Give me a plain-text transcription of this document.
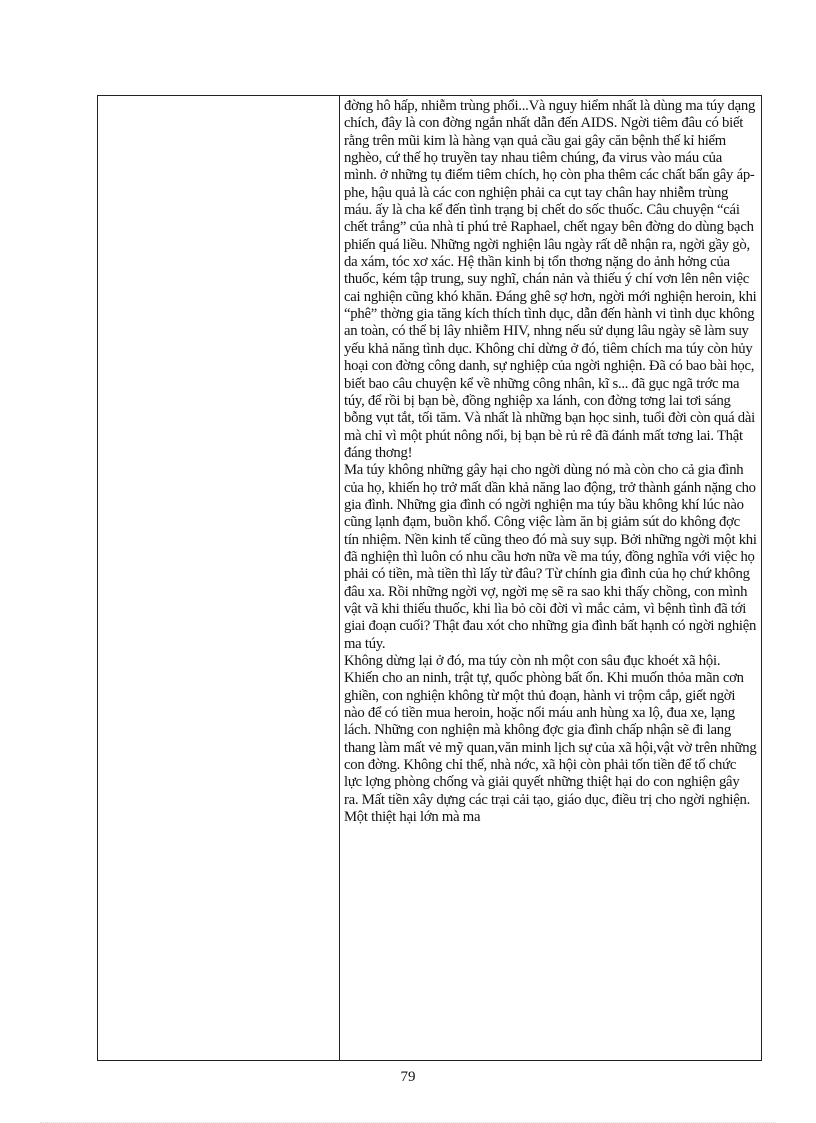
đờng hô hấp, nhiễm trùng phổi...Và nguy hiểm nhất là dùng ma túy dạng chích, đây là con đờng ngắn nhất dẫn đến AIDS. Ngời tiêm đâu có biết rằng trên mũi kim là hàng vạn quả cầu gai gây căn bệnh thế kỉ hiểm nghèo, cứ thế họ truyền tay nhau tiêm chúng, đa virus vào máu của mình. ở những tụ điểm tiêm chích, họ còn pha thêm các chất bẩn gây áp-phe, hậu quả là các con nghiện phải ca cụt tay chân hay nhiễm trùng máu. ấy là cha kể đến tình trạng bị chết do sốc thuốc. Câu chuyện “cái chết trắng” của nhà tỉ phú trẻ Raphael, chết ngay bên đờng do dùng bạch phiến quá liều. Những ngời nghiện lâu ngày rất dễ nhận ra, ngời gầy gò, da xám, tóc xơ xác. Hệ thần kinh bị tổn thơng nặng do ảnh hởng của thuốc, kém tập trung, suy nghĩ, chán nản và thiếu ý chí vơn lên nên việc cai nghiện cũng khó khăn. Đáng ghê sợ hơn, ngời mới nghiện heroin, khi “phê” thờng gia tăng kích thích tình dục, dẫn đến hành vi tình dục không an toàn, có thể bị lây nhiễm HIV, nhng nếu sử dụng lâu ngày sẽ làm suy yếu khả năng tình dục. Không chỉ dừng ở đó, tiêm chích ma túy còn hủy hoại con đờng công danh, sự nghiệp của ngời nghiện. Đã có bao bài học, biết bao câu chuyện kể về những công nhân, kĩ s... đã gục ngã trớc ma túy, để rồi bị bạn bè, đồng nghiệp xa lánh, con đờng tơng lai tơi sáng bỗng vụt tắt, tối tăm. Và nhất là những bạn học sinh, tuổi đời còn quá dài mà chỉ vì một phút nông nổi, bị bạn bè rủ rê đã đánh mất tơng lai. Thật đáng thơng!

Ma túy không những gây hại cho ngời dùng nó mà còn cho cả gia đình của họ, khiến họ trở mất dần khả năng lao động, trở thành gánh nặng cho gia đình. Những gia đình có ngời nghiện ma túy bầu không khí lúc nào cũng lạnh đạm, buồn khổ. Công việc làm ăn bị giảm sút do không đợc tín nhiệm. Nền kinh tế cũng theo đó mà suy sụp. Bởi những ngời một khi đã nghiện thì luôn có nhu cầu hơn nữa về ma túy, đồng nghĩa với việc họ phải có tiền, mà tiền thì lấy từ đâu? Từ chính gia đình của họ chứ không đâu xa. Rồi những ngời vợ, ngời mẹ sẽ ra sao khi thấy chồng, con mình vật vã khi thiếu thuốc, khi lìa bỏ cõi đời vì mắc cảm, vì bệnh tình đã tới giai đoạn cuối? Thật đau xót cho những gia đình bất hạnh có ngời nghiện ma túy.

Không dừng lại ở đó, ma túy còn nh một con sâu đục khoét xã hội. Khiến cho an ninh, trật tự, quốc phòng bất ổn. Khi muốn thỏa mãn cơn ghiền, con nghiện không từ một thủ đoạn, hành vi trộm cắp, giết ngời nào để có tiền mua heroin, hoặc nổi máu anh hùng xa lộ, đua xe, lạng lách. Những con nghiện mà không đợc gia đình chấp nhận sẽ đi lang thang làm mất vẻ mỹ quan,văn minh lịch sự của xã hội,vật vờ trên những con đờng. Không chỉ thế, nhà nớc, xã hội còn phải tốn tiền để tổ chức lực lợng phòng chống và giải quyết những thiệt hại do con nghiện gây ra. Mất tiền xây dựng các trại cải tạo, giáo dục, điều trị cho ngời nghiện. Một thiệt hại lớn mà ma

79
